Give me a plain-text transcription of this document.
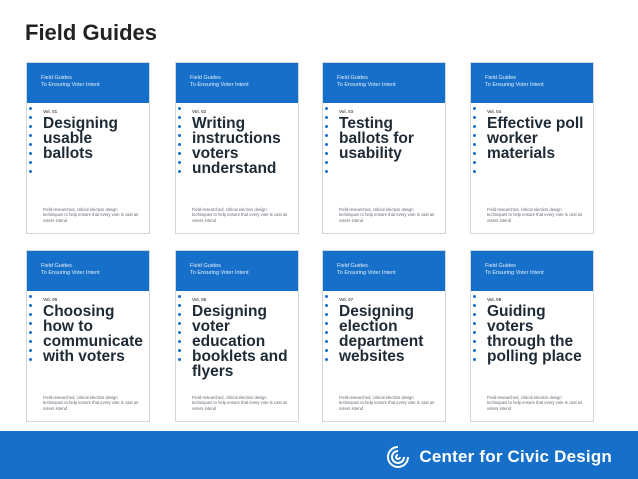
Field Guides
Field Guides
To Ensuring Voter Intent
Vol. 01
Designing usable ballots
Field-researched, critical election design techniques to help ensure that every vote is cast as voters intend
Field Guides
To Ensuring Voter Intent
Vol. 02
Writing instructions voters understand
Field-researched, critical election design techniques to help ensure that every vote is cast as voters intend
Field Guides
To Ensuring Voter Intent
Vol. 03
Testing ballots for usability
Field-researched, critical election design techniques to help ensure that every vote is cast as voters intend
Field Guides
To Ensuring Voter Intent
Vol. 04
Effective poll worker materials
Field-researched, critical election design techniques to help ensure that every vote is cast as voters intend
Field Guides
To Ensuring Voter Intent
Vol. 05
Choosing how to communicate with voters
Field-researched, critical election design techniques to help ensure that every vote is cast as voters intend
Field Guides
To Ensuring Voter Intent
Vol. 06
Designing voter education booklets and flyers
Field-researched, critical election design techniques to help ensure that every vote is cast as voters intend
Field Guides
To Ensuring Voter Intent
Vol. 07
Designing election department websites
Field-researched, critical election design techniques to help ensure that every vote is cast as voters intend
Field Guides
To Ensuring Voter Intent
Vol. 08
Guiding voters through the polling place
Field-researched, critical election design techniques to help ensure that every vote is cast as voters intend
Center for Civic Design
